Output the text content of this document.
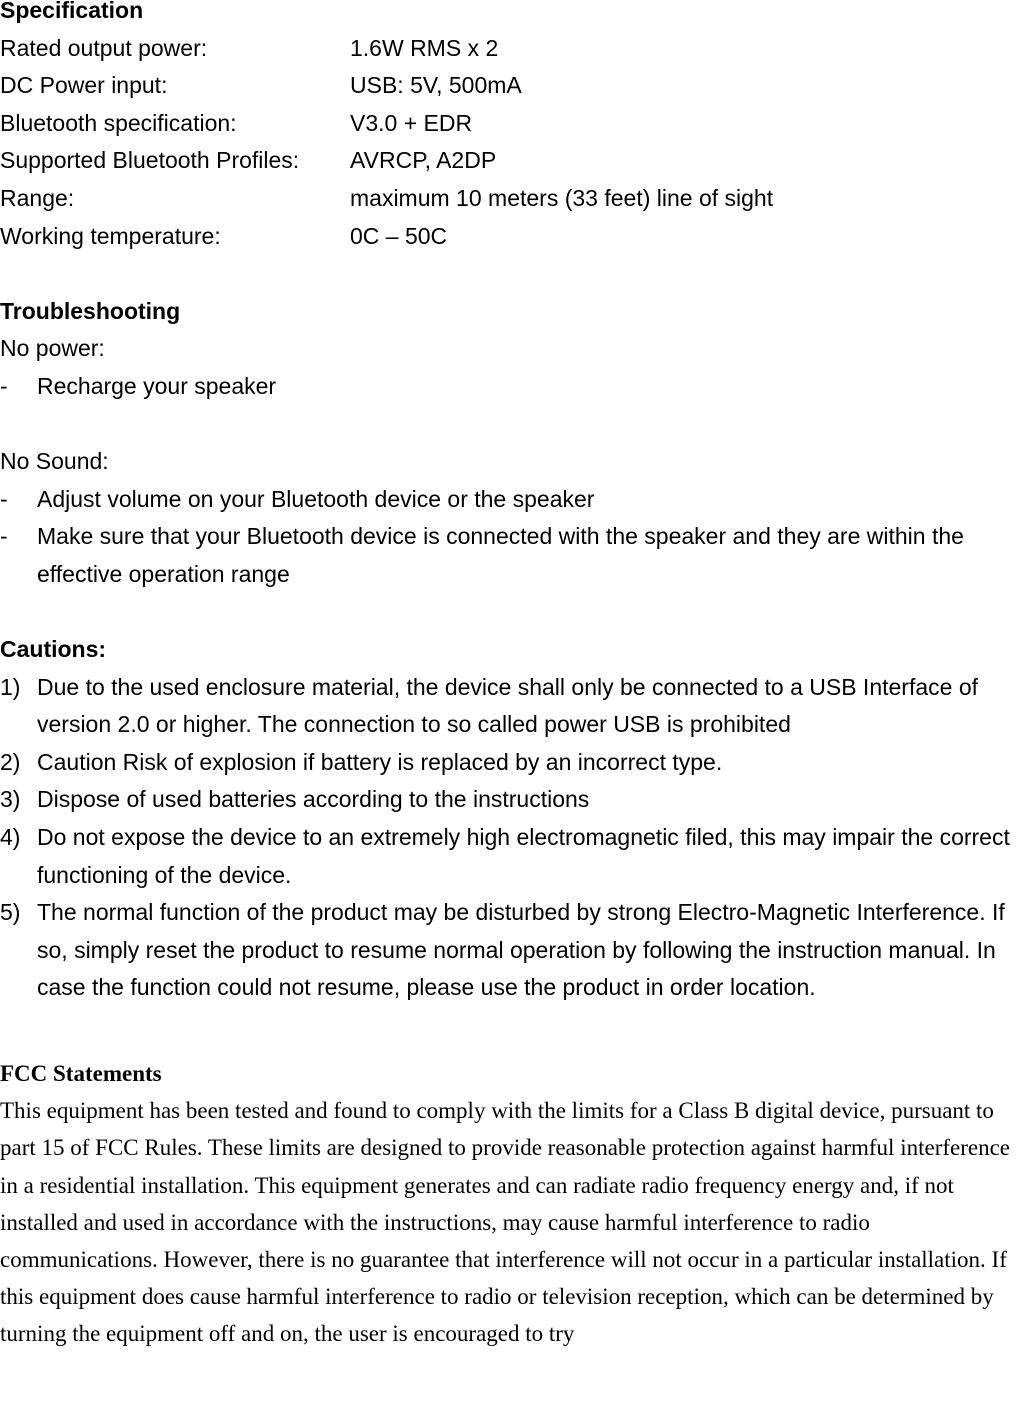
Specification
Rated output power:	1.6W RMS x 2
DC Power input:	USB: 5V, 500mA
Bluetooth specification:	V3.0 + EDR
Supported Bluetooth Profiles:	AVRCP, A2DP
Range:	maximum 10 meters (33 feet) line of sight
Working temperature:	0C – 50C
Troubleshooting
No power:
-	Recharge your speaker
No Sound:
-	Adjust volume on your Bluetooth device or the speaker
-	Make sure that your Bluetooth device is connected with the speaker and they are within the effective operation range
Cautions:
1) Due to the used enclosure material, the device shall only be connected to a USB Interface of version 2.0 or higher. The connection to so called power USB is prohibited
2) Caution Risk of explosion if battery is replaced by an incorrect type.
3) Dispose of used batteries according to the instructions
4) Do not expose the device to an extremely high electromagnetic filed, this may impair the correct functioning of the device.
5) The normal function of the product may be disturbed by strong Electro-Magnetic Interference. If so, simply reset the product to resume normal operation by following the instruction manual. In case the function could not resume, please use the product in order location.
FCC Statements
This equipment has been tested and found to comply with the limits for a Class B digital device, pursuant to part 15 of FCC Rules. These limits are designed to provide reasonable protection against harmful interference in a residential installation. This equipment generates and can radiate radio frequency energy and, if not installed and used in accordance with the instructions, may cause harmful interference to radio communications. However, there is no guarantee that interference will not occur in a particular installation. If this equipment does cause harmful interference to radio or television reception, which can be determined by turning the equipment off and on, the user is encouraged to try
